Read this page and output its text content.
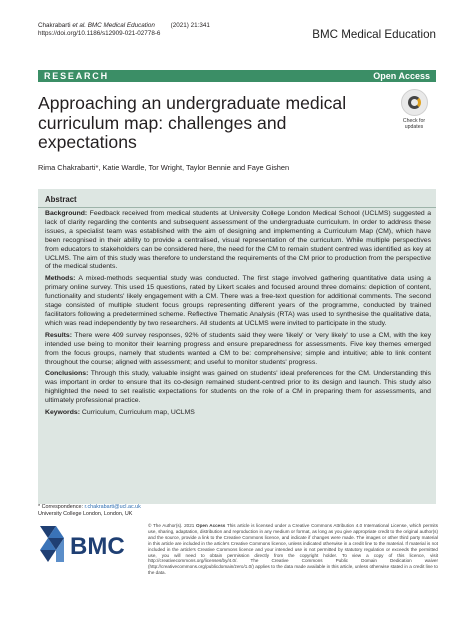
Chakrabarti et al. BMC Medical Education	(2021) 21:341
https://doi.org/10.1186/s12909-021-02778-6	BMC Medical Education
RESEARCH	Open Access
Approaching an undergraduate medical curriculum map: challenges and expectations
Check for
updates
Rima Chakrabarti*, Katie Wardle, Tor Wright, Taylor Bennie and Faye Gishen
Abstract

Background: Feedback received from medical students at University College London Medical School (UCLMS) suggested a lack of clarity regarding the contents and subsequent assessment of the undergraduate curriculum. In order to address these issues, a specialist team was established with the aim of designing and implementing a Curriculum Map (CM), which have been recognised in their ability to provide a centralised, visual representation of the curriculum. While multiple perspectives from educators to stakeholders can be considered here, the need for the CM to remain student centred was identified as key at UCLMS. The aim of this study was therefore to understand the requirements of the CM prior to production from the perspective of the medical students.

Methods: A mixed-methods sequential study was conducted. The first stage involved gathering quantitative data using a primary online survey. This used 15 questions, rated by Likert scales and focused around three domains: depiction of content, functionality and students' likely engagement with a CM. There was a free-text question for additional comments. The second stage consisted of multiple student focus groups representing different years of the programme, conducted by trained facilitators following a predetermined scheme. Reflective Thematic Analysis (RTA) was used to synthesise the qualitative data, which was read independently by two researchers. All students at UCLMS were invited to participate in the study.

Results: There were 409 survey responses, 92% of students said they were 'likely' or 'very likely' to use a CM, with the key intended use being to monitor their learning progress and ensure preparedness for assessments. Five key themes emerged from the focus groups, namely that students wanted a CM to be: comprehensive; simple and intuitive; able to link content throughout the course; aligned with assessment; and useful to monitor students' progress.

Conclusions: Through this study, valuable insight was gained on students' ideal preferences for the CM. Understanding this was important in order to ensure that its co-design remained student-centred prior to its design and launch. This study also highlighted the need to set realistic expectations for students on the role of a CM in preparing them for assessments, and ultimately professional practice.

Keywords: Curriculum, Curriculum map, UCLMS

* Correspondence: r.chakrabarti@ucl.ac.uk
University College London, London, UK
BMC
© The Author(s). 2021 Open Access This article is licensed under a Creative Commons Attribution 4.0 International License, which permits use, sharing, adaptation, distribution and reproduction in any medium or format, as long as you give appropriate credit to the original author(s) and the source, provide a link to the Creative Commons licence, and indicate if changes were made. The images or other third party material in this article are included in the article's Creative Commons licence, unless indicated otherwise in a credit line to the material. If material is not included in the article's Creative Commons licence and your intended use is not permitted by statutory regulation or exceeds the permitted use, you will need to obtain permission directly from the copyright holder. To view a copy of this licence, visit http://creativecommons.org/licenses/by/4.0/. The Creative Commons Public Domain Dedication waiver (http://creativecommons.org/publicdomain/zero/1.0/) applies to the data made available in this article, unless otherwise stated in a credit line to the data.
